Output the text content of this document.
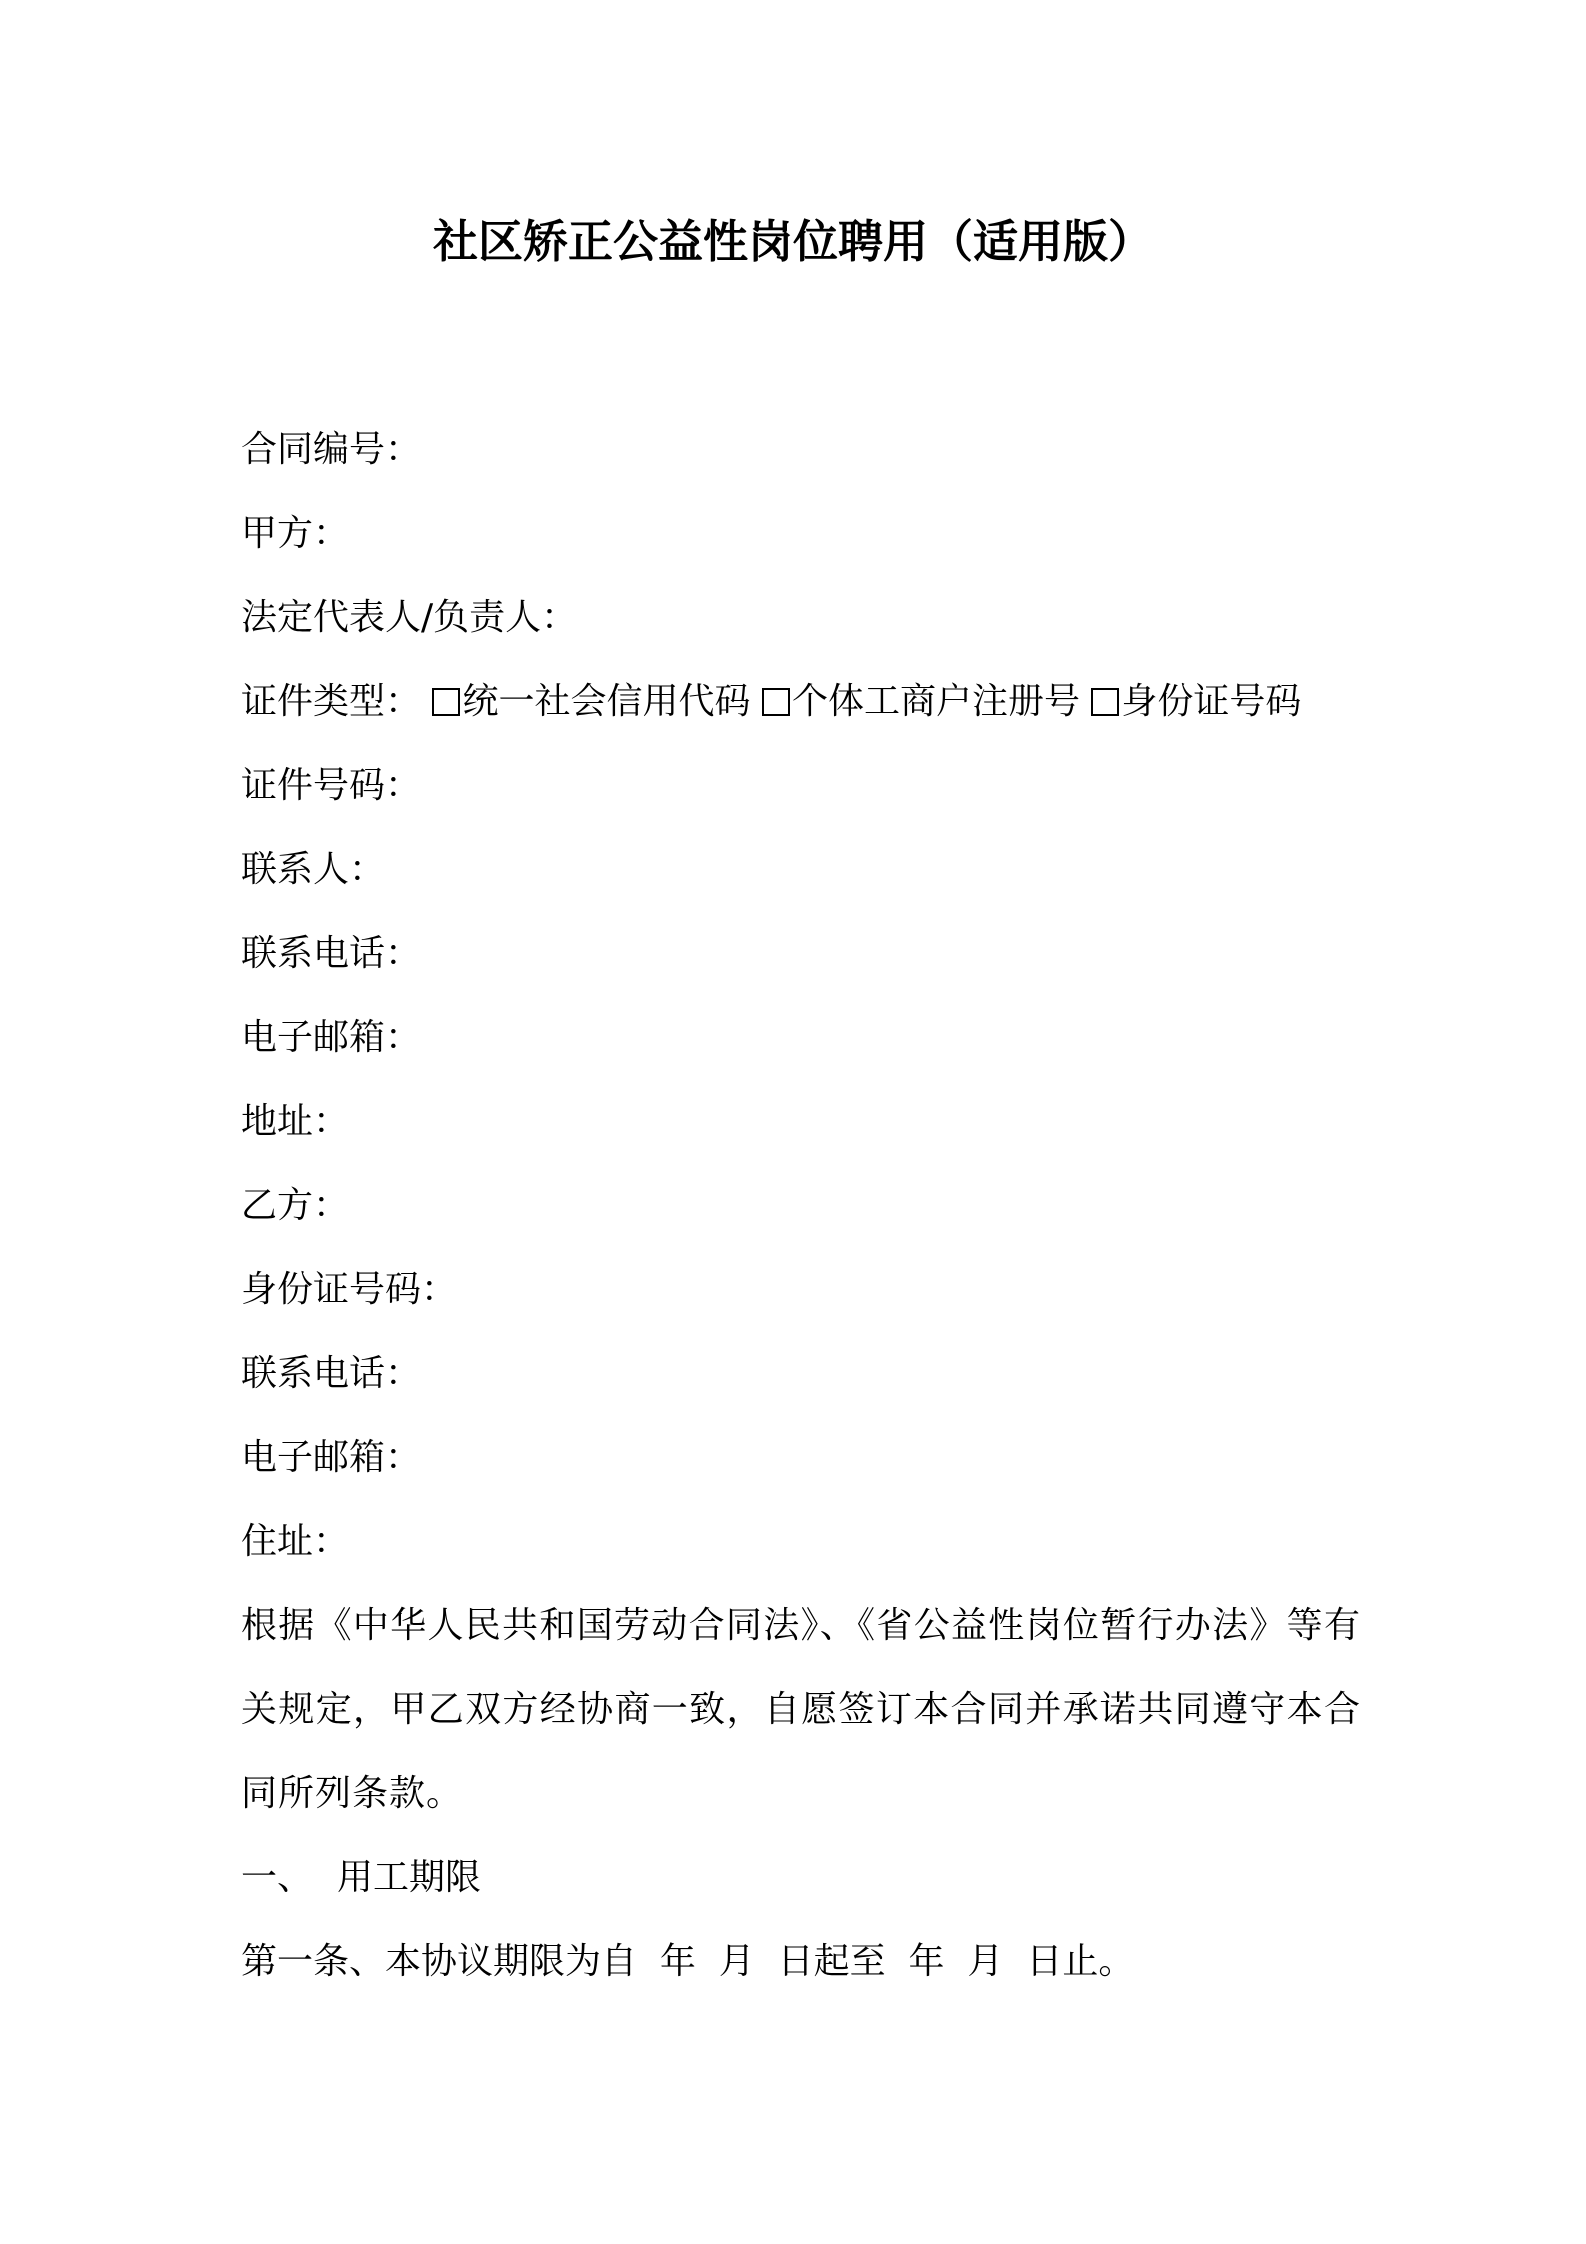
社区矫正公益性岗位聘用（适用版）
合同编号：
甲方：
法定代表人/负责人：
证件类型： 统一社会信用代码 个体工商户注册号 身份证号码
证件号码：
联系人：
联系电话：
电子邮箱：
地址：
乙方：
身份证号码：
联系电话：
电子邮箱：
住址：
根据《中华人民共和国劳动合同法》、《省公益性岗位暂行办法》等有关规定，甲乙双方经协商一致，自愿签订本合同并承诺共同遵守本合同所列条款。
一、 用工期限
第一条、本协议期限为自  年  月  日起至  年  月  日止。
